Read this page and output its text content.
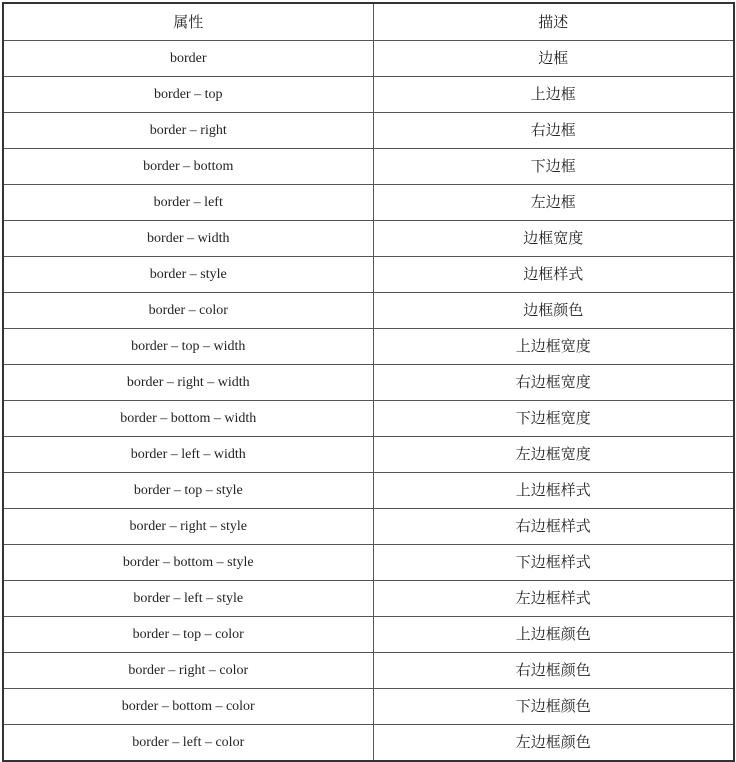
属性	描述
border	边框
border – top	上边框
border – right	右边框
border – bottom	下边框
border – left	左边框
border – width	边框宽度
border – style	边框样式
border – color	边框颜色
border – top – width	上边框宽度
border – right – width	右边框宽度
border – bottom – width	下边框宽度
border – left – width	左边框宽度
border – top – style	上边框样式
border – right – style	右边框样式
border – bottom – style	下边框样式
border – left – style	左边框样式
border – top – color	上边框颜色
border – right – color	右边框颜色
border – bottom – color	下边框颜色
border – left – color	左边框颜色
